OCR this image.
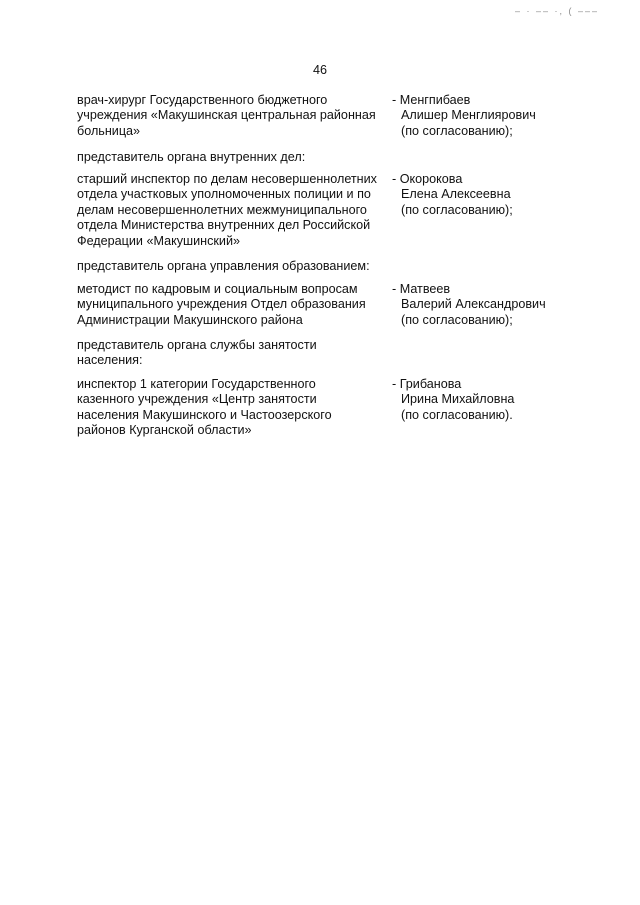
‒ · ‒‒ ·, ( ‒‒‒
46
врач-хирург Государственного бюджетного
учреждения «Макушинская центральная районная
больница»
- Менгпибаев
Алишер Менглиярович
(по согласованию);
представитель органа внутренних дел:
старший инспектор по делам несовершеннолетних
отдела участковых уполномоченных полиции и по
делам несовершеннолетних межмуниципального
отдела Министерства внутренних дел Российской
Федерации «Макушинский»
- Окорокова
Елена Алексеевна
(по согласованию);
представитель органа управления образованием:
методист по кадровым и социальным вопросам
муниципального учреждения Отдел образования
Администрации Макушинского района
- Матвеев
Валерий Александрович
(по согласованию);
представитель органа службы занятости
населения:
инспектор 1 категории Государственного
казенного учреждения «Центр занятости
населения Макушинского и Частоозерского
районов Курганской области»
- Грибанова
Ирина Михайловна
(по согласованию).
